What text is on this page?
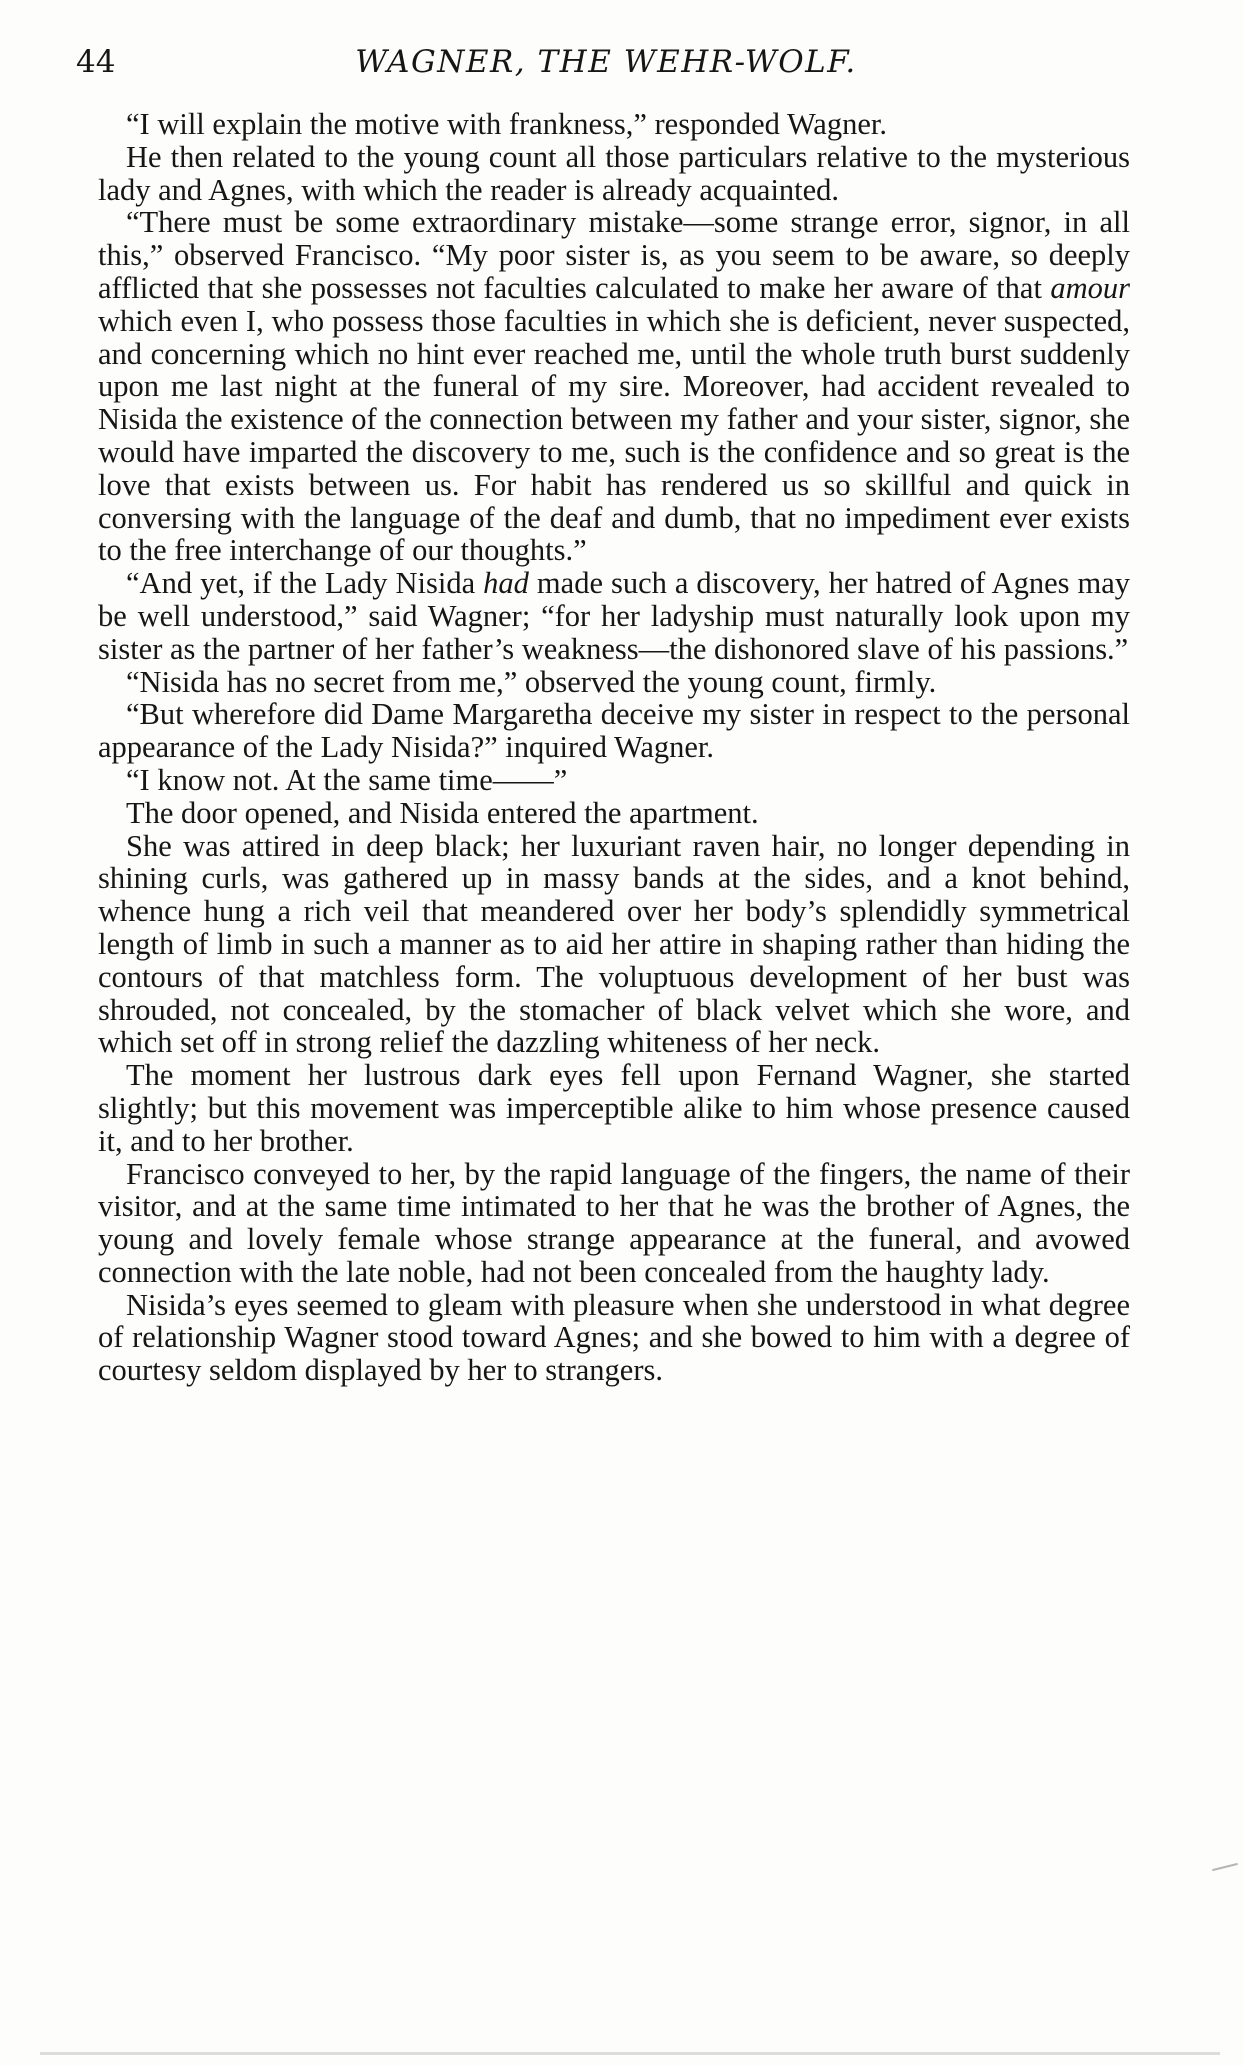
44	WAGNER, THE WEHR-WOLF.

“I will explain the motive with frankness,” responded Wagner.

He then related to the young count all those particulars relative to the mysterious lady and Agnes, with which the reader is already acquainted.

“There must be some extraordinary mistake—some strange error, signor, in all this,” observed Francisco. “My poor sister is, as you seem to be aware, so deeply afflicted that she possesses not faculties calculated to make her aware of that amour which even I, who possess those faculties in which she is deficient, never suspected, and concerning which no hint ever reached me, until the whole truth burst suddenly upon me last night at the funeral of my sire. Moreover, had accident revealed to Nisida the existence of the connection between my father and your sister, signor, she would have imparted the discovery to me, such is the confidence and so great is the love that exists between us. For habit has rendered us so skillful and quick in conversing with the language of the deaf and dumb, that no impediment ever exists to the free interchange of our thoughts.”

“And yet, if the Lady Nisida had made such a discovery, her hatred of Agnes may be well understood,” said Wagner; “for her ladyship must naturally look upon my sister as the partner of her father’s weakness—the dishonored slave of his passions.”

“Nisida has no secret from me,” observed the young count, firmly.

“But wherefore did Dame Margaretha deceive my sister in respect to the personal appearance of the Lady Nisida?” inquired Wagner.

“I know not. At the same time——”

The door opened, and Nisida entered the apartment.

She was attired in deep black; her luxuriant raven hair, no longer depending in shining curls, was gathered up in massy bands at the sides, and a knot behind, whence hung a rich veil that meandered over her body’s splendidly symmetrical length of limb in such a manner as to aid her attire in shaping rather than hiding the contours of that matchless form. The voluptuous development of her bust was shrouded, not concealed, by the stomacher of black velvet which she wore, and which set off in strong relief the dazzling whiteness of her neck.

The moment her lustrous dark eyes fell upon Fernand Wagner, she started slightly; but this movement was imperceptible alike to him whose presence caused it, and to her brother.

Francisco conveyed to her, by the rapid language of the fingers, the name of their visitor, and at the same time intimated to her that he was the brother of Agnes, the young and lovely female whose strange appearance at the funeral, and avowed connection with the late noble, had not been concealed from the haughty lady.

Nisida’s eyes seemed to gleam with pleasure when she understood in what degree of relationship Wagner stood toward Agnes; and she bowed to him with a degree of courtesy seldom displayed by her to strangers.
